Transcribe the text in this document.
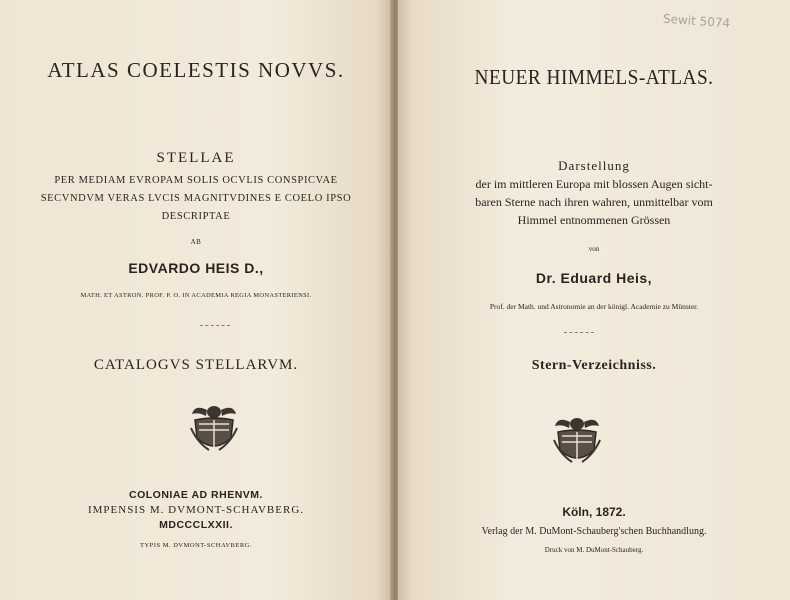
ATLAS COELESTIS NOVVS.
STELLAE
PER MEDIAM EVROPAM SOLIS OCVLIS CONSPICVAE
SECVNDVM VERAS LVCIS MAGNITVDINES E COELO IPSO
DESCRIPTAE
AB
EDVARDO HEIS D.,
MATH. ET ASTRON. PROF. P. O. IN ACADEMIA REGIA MONASTERIENSI.
CATALOGVS STELLARVM.
COLONIAE AD RHENVM.
IMPENSIS M. DVMONT-SCHAVBERG.
MDCCCLXXII.
TYPIS M. DVMONT-SCHAVBERG.
Sewit 5074
NEUER HIMMELS-ATLAS.
Darstellung
der im mittleren Europa mit blossen Augen sicht-
baren Sterne nach ihren wahren, unmittelbar vom
Himmel entnommenen Grössen
von
Dr. Eduard Heis,
Prof. der Math. und Astronomie an der königl. Academie zu Münster.
Stern-Verzeichniss.
Köln, 1872.
Verlag der M. DuMont-Schauberg'schen Buchhandlung.
Druck von M. DuMont-Schauberg.
